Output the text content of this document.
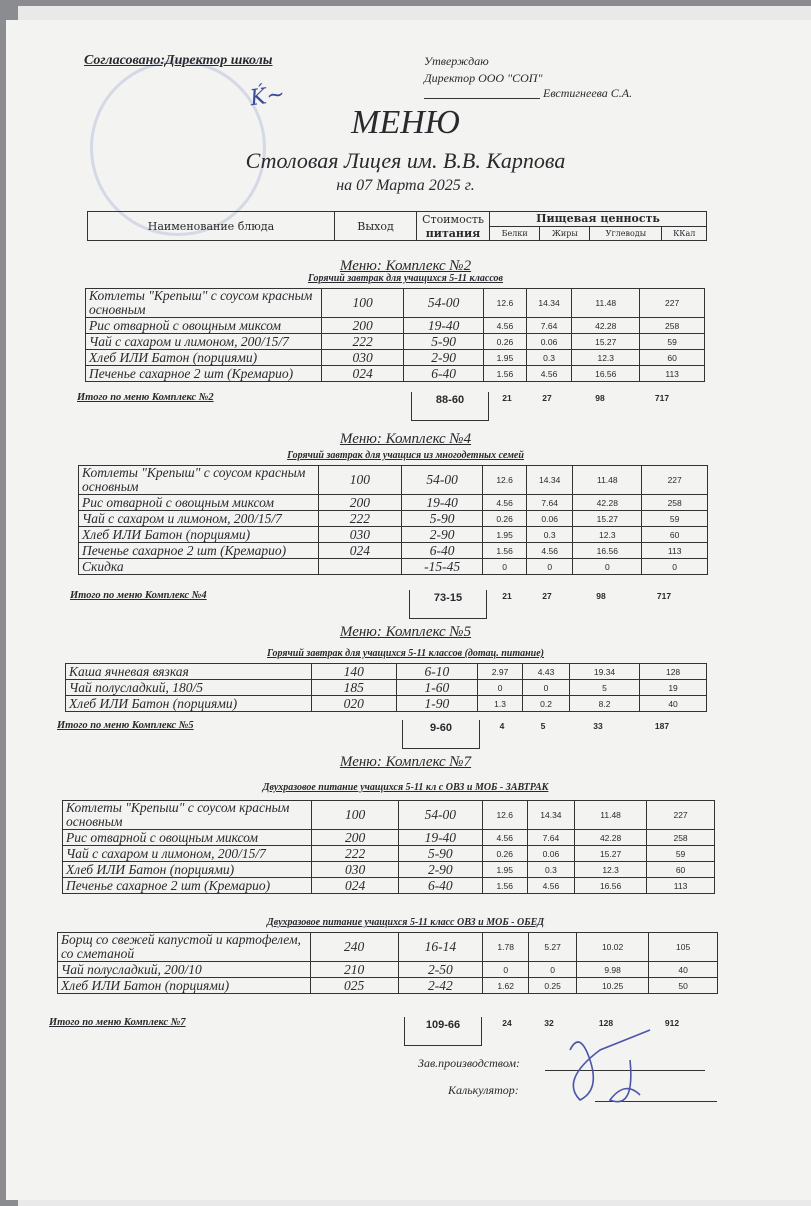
Согласовано:Директор школы
Ḱ~
Утверждаю
Директор ООО "СОП"
Евстигнеева С.А.
МЕНЮ
Столовая Лицея им. В.В. Карпова
на 07 Марта 2025 г.
Наименование блюда	Выход	Стоимость	Пищевая ценность			
		питания	Белки	Жиры	Углеводы	ККал
Меню: Комплекс №2
Горячий завтрак для учащихся 5-11 классов
Котлеты "Крепыш" с соусом красным основным	100	54-00	12.6	14.34	11.48	227
Рис отварной с овощным миксом	200	19-40	4.56	7.64	42.28	258
Чай с сахаром и лимоном, 200/15/7	222	5-90	0.26	0.06	15.27	59
Хлеб ИЛИ Батон (порциями)	030	2-90	1.95	0.3	12.3	60
Печенье сахарное 2 шт (Кремарио)	024	6-40	1.56	4.56	16.56	113
Итого по меню Комплекс №2	88-60	21	27	98	717
Меню: Комплекс №4
Горячий завтрак для учащися из многодетных семей
Котлеты "Крепыш" с соусом красным основным	100	54-00	12.6	14.34	11.48	227
Рис отварной с овощным миксом	200	19-40	4.56	7.64	42.28	258
Чай с сахаром и лимоном, 200/15/7	222	5-90	0.26	0.06	15.27	59
Хлеб ИЛИ Батон (порциями)	030	2-90	1.95	0.3	12.3	60
Печенье сахарное 2 шт (Кремарио)	024	6-40	1.56	4.56	16.56	113
Скидка		-15-45	0	0	0	0
Итого по меню Комплекс №4	73-15	21	27	98	717
Меню: Комплекс №5
Горячий завтрак для учащихся 5-11 классов (дотац. питание)
Каша ячневая вязкая	140	6-10	2.97	4.43	19.34	128
Чай полусладкий, 180/5	185	1-60	0	0	5	19
Хлеб ИЛИ Батон (порциями)	020	1-90	1.3	0.2	8.2	40
Итого по меню Комплекс №5	9-60	4	5	33	187
Меню: Комплекс №7
Двухразовое питание учащихся 5-11 кл с ОВЗ и МОБ - ЗАВТРАК
Котлеты "Крепыш" с соусом красным основным	100	54-00	12.6	14.34	11.48	227
Рис отварной с овощным миксом	200	19-40	4.56	7.64	42.28	258
Чай с сахаром и лимоном, 200/15/7	222	5-90	0.26	0.06	15.27	59
Хлеб ИЛИ Батон (порциями)	030	2-90	1.95	0.3	12.3	60
Печенье сахарное 2 шт (Кремарио)	024	6-40	1.56	4.56	16.56	113
Двухразовое питание учащихся 5-11 класс ОВЗ и МОБ - ОБЕД
Борщ со свежей капустой и картофелем, со сметаной	240	16-14	1.78	5.27	10.02	105
Чай полусладкий, 200/10	210	2-50	0	0	9.98	40
Хлеб ИЛИ Батон (порциями)	025	2-42	1.62	0.25	10.25	50
Итого по меню Комплекс №7	109-66	24	32	128	912
Зав.производством:
Калькулятор:
